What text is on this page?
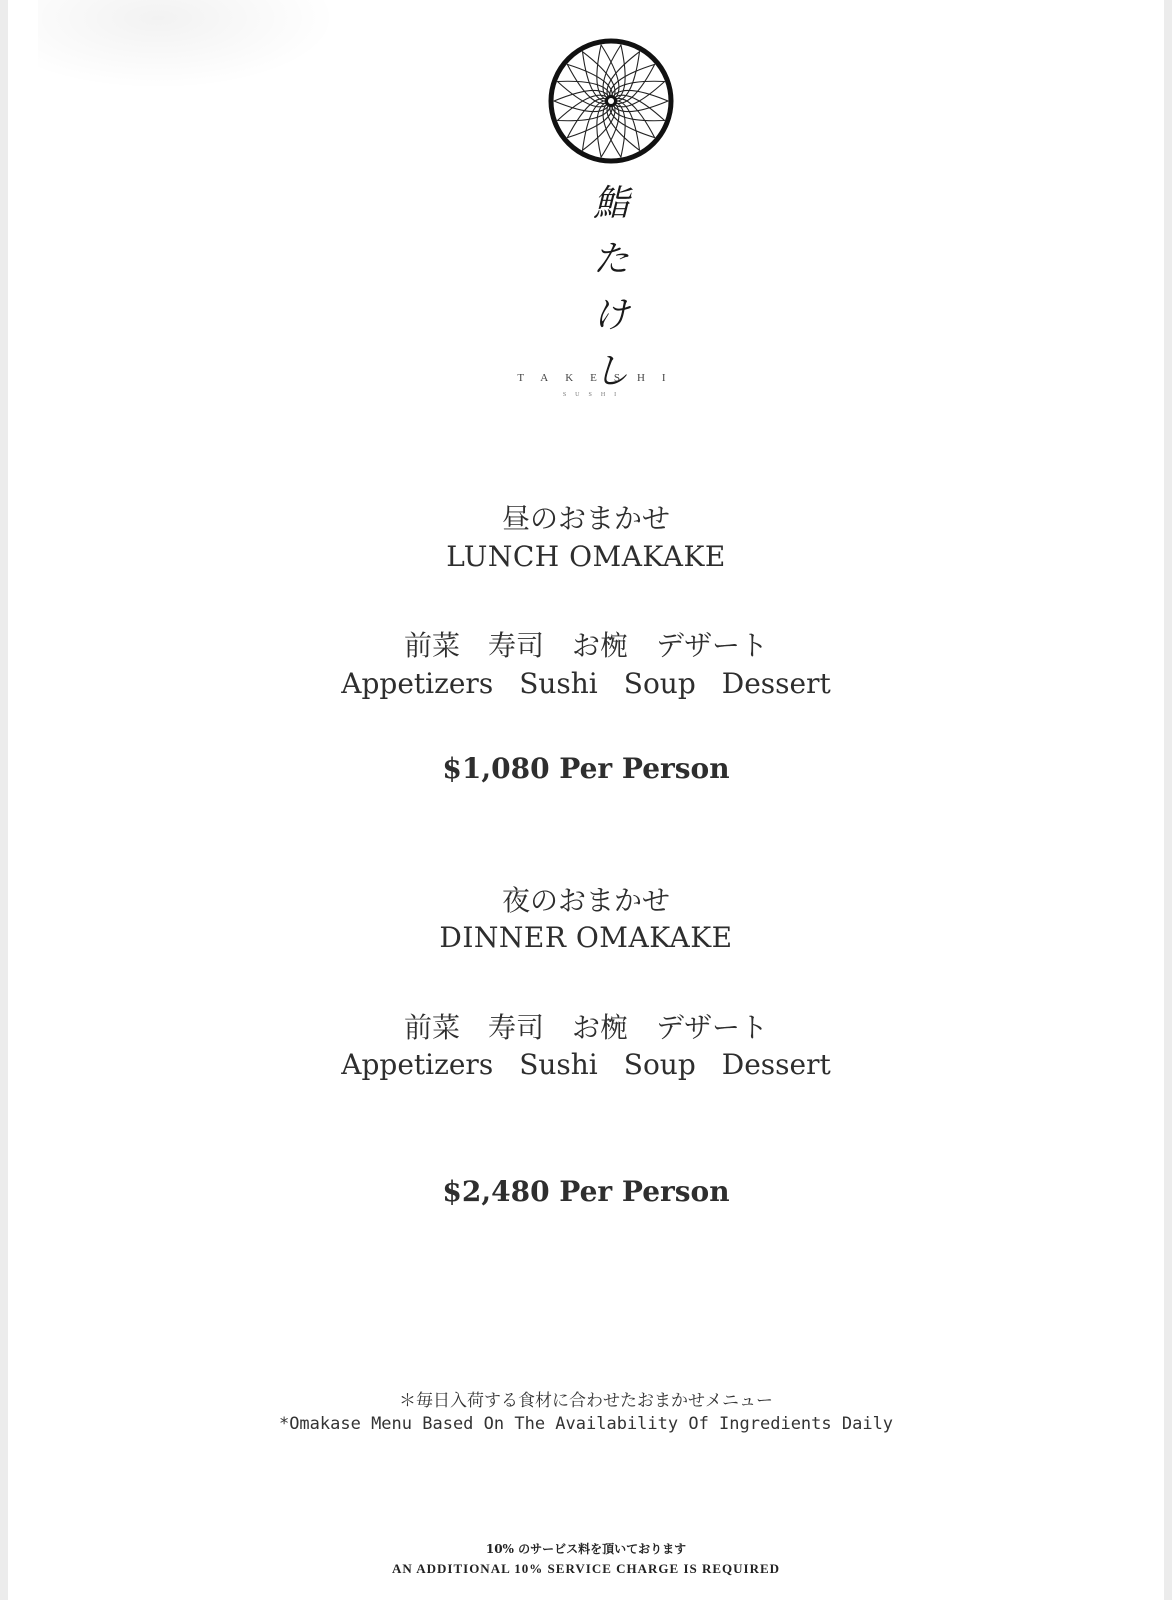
鮨
た
け
し
TAKESHI
SUSHI
昼のおまかせ
LUNCH OMAKAKE
前菜 寿司 お椀 デザート
Appetizers Sushi Soup Dessert
$1,080 Per Person
夜のおまかせ
DINNER OMAKAKE
前菜 寿司 お椀 デザート
Appetizers Sushi Soup Dessert
$2,480 Per Person
＊毎日入荷する食材に合わせたおまかせメニュー
*Omakase Menu Based On The Availability Of Ingredients Daily
10% のサービス料を頂いております
AN ADDITIONAL 10% SERVICE CHARGE IS REQUIRED
